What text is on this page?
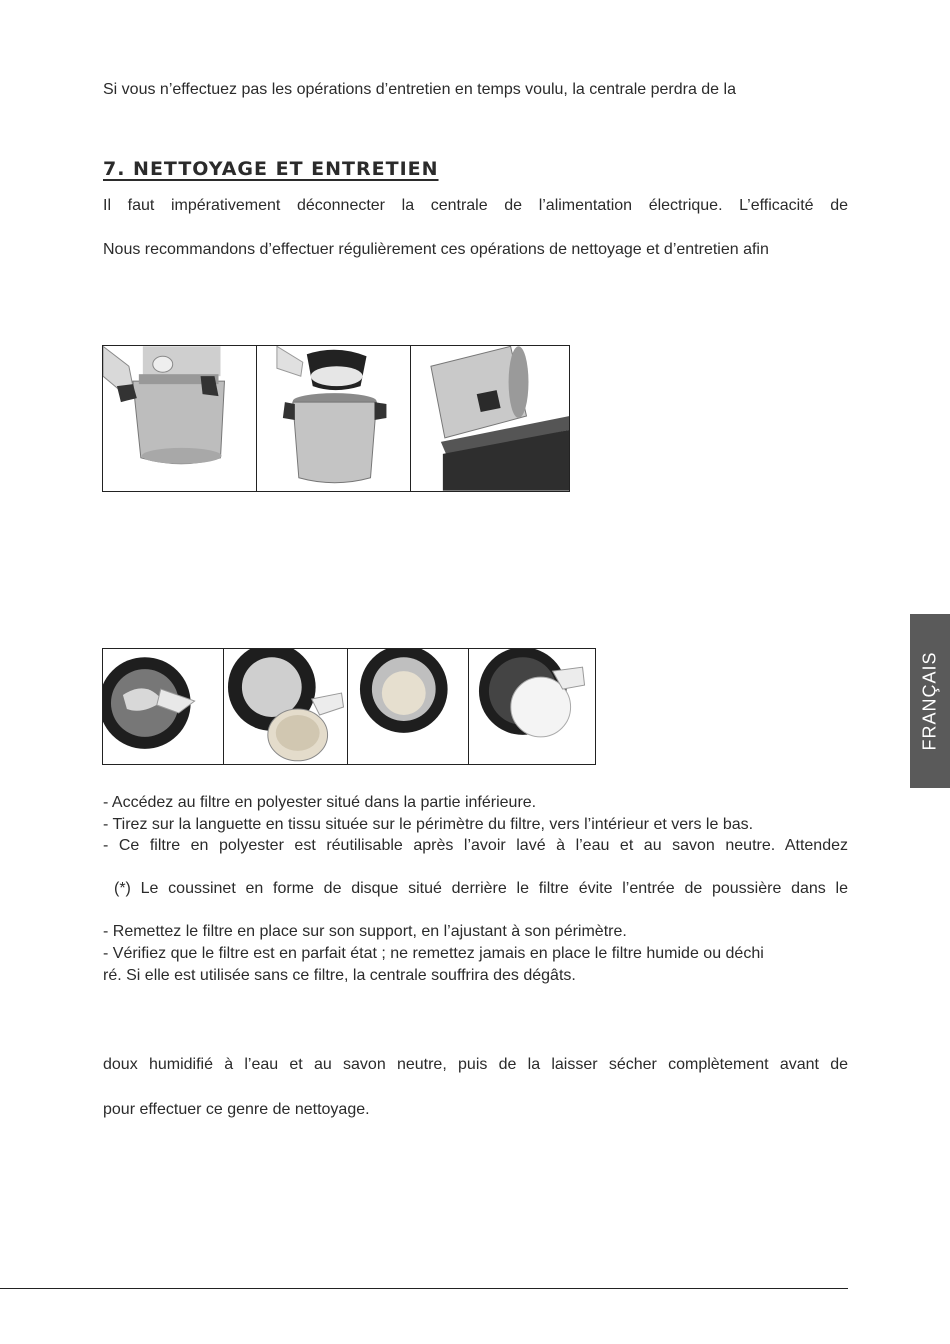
Si vous n’effectuez pas les opérations d’entretien en temps voulu, la centrale perdra de la
7. NETTOYAGE ET ENTRETIEN
Il faut impérativement déconnecter la centrale de l’alimentation électrique. L’efficacité de
Nous recommandons d’effectuer régulièrement ces opérations de nettoyage et d’entretien afin
- Accédez au filtre en polyester situé dans la partie inférieure.
- Tirez sur la languette en tissu située sur le périmètre du filtre, vers l’intérieur et vers le bas.
- Ce filtre en polyester est réutilisable après l’avoir lavé à l’eau et au savon neutre. Attendez
(*) Le coussinet en forme de disque situé derrière le filtre évite l’entrée de poussière dans le
- Remettez le filtre en place sur son support, en l’ajustant à son périmètre.
- Vérifiez que le filtre est en parfait état ; ne remettez jamais en place le filtre humide ou déchi
ré. Si elle est utilisée sans ce filtre, la centrale souffrira des dégâts.
doux humidifié à l’eau et au savon neutre, puis de la laisser sécher complètement avant de
pour effectuer ce genre de nettoyage.
FRANÇAIS
